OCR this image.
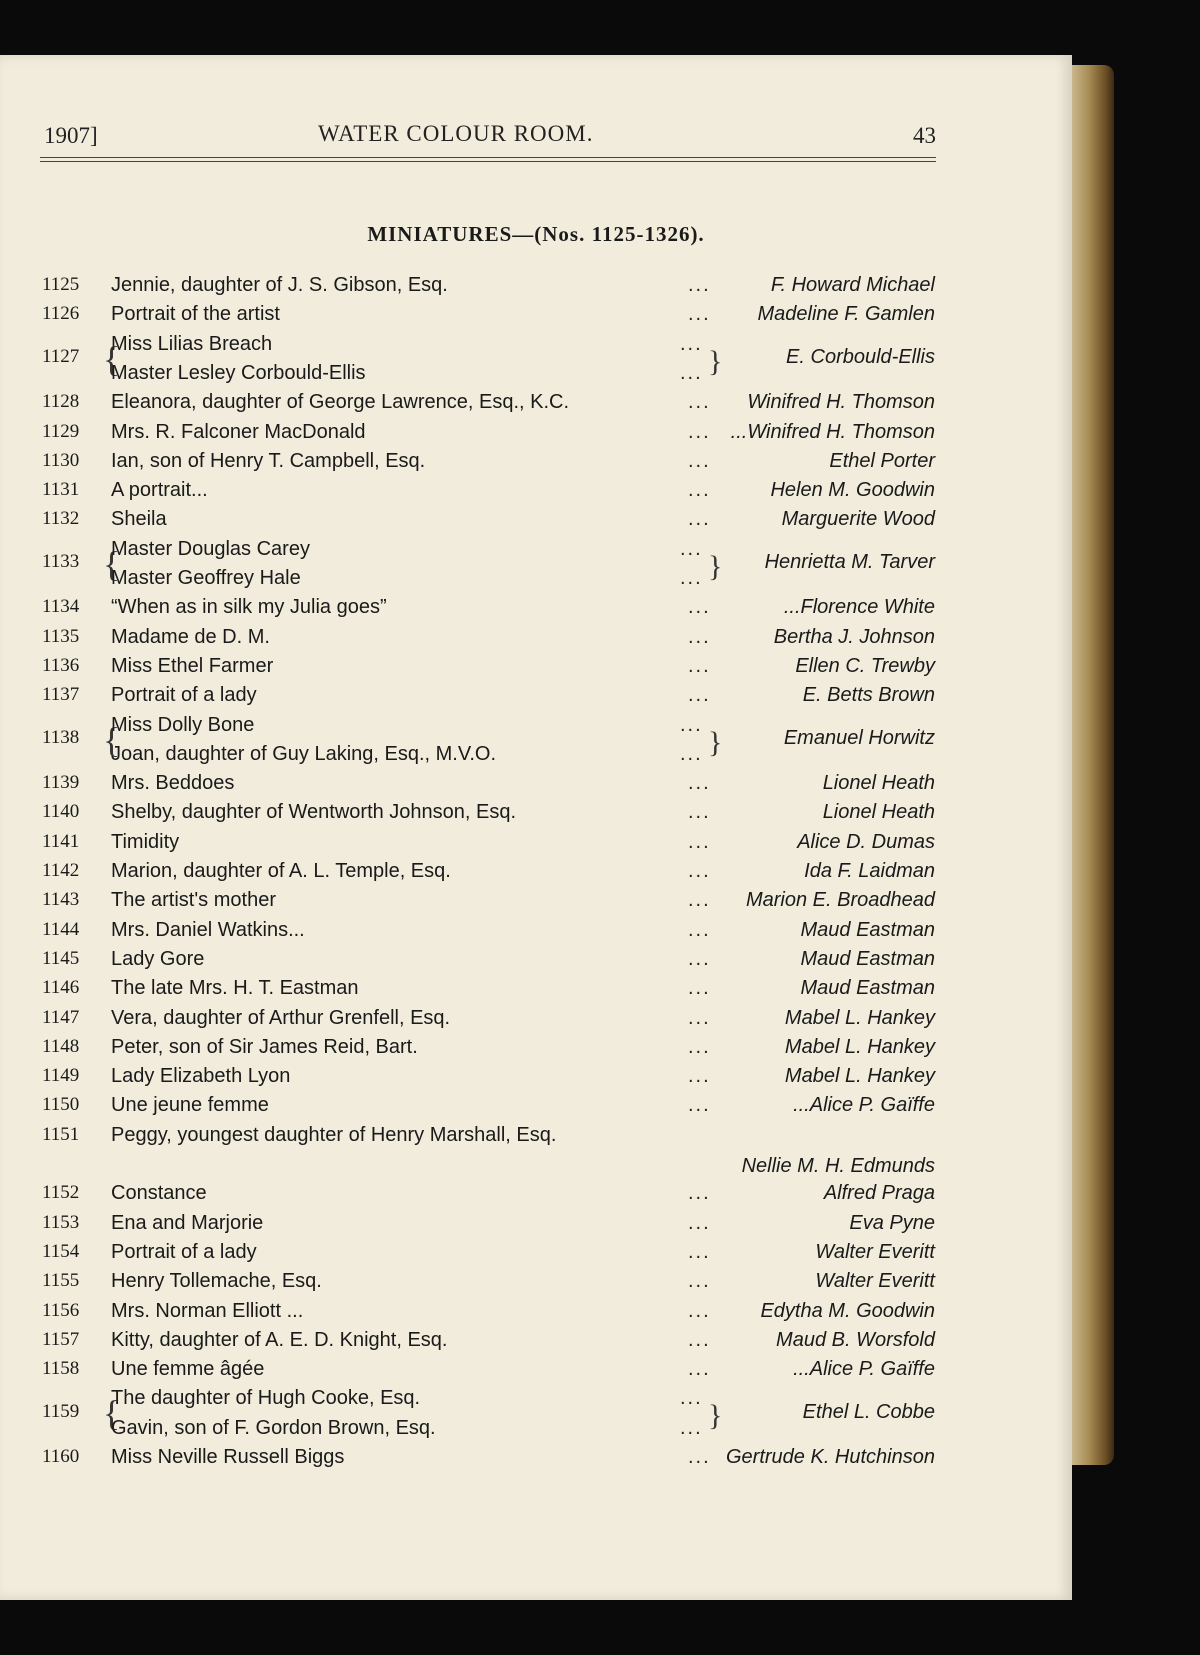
1907]	WATER COLOUR ROOM.	43
MINIATURES—(Nos. 1125-1326).
1125 Jennie, daughter of J. S. Gibson, Esq.	...	F. Howard Michael
1126 Portrait of the artist	... Madeline F. Gamlen
1127 {
Miss Lilias Breach	...
Master Lesley Corbould-Ellis	... }	E. Corbould-Ellis
1128 Eleanora, daughter of George Lawrence, Esq., K.C.	... Winifred H. Thomson
1129 Mrs. R. Falconer MacDonald	... ...Winifred H. Thomson
1130 Ian, son of Henry T. Campbell, Esq.	...	Ethel Porter
1131 A portrait...	...	Helen M. Goodwin
1132 Sheila	...	Marguerite Wood
1133 {
Master Douglas Carey	...
Master Geoffrey Hale	... } Henrietta M. Tarver
1134 “When as in silk my Julia goes”	...	...Florence White
1135 Madame de D. M.	...	Bertha J. Johnson
1136 Miss Ethel Farmer	...	Ellen C. Trewby
1137 Portrait of a lady	...	E. Betts Brown
1138 {
Miss Dolly Bone	...
Joan, daughter of Guy Laking, Esq., M.V.O.	... }	Emanuel Horwitz
1139 Mrs. Beddoes	...	Lionel Heath
1140 Shelby, daughter of Wentworth Johnson, Esq.	...	Lionel Heath
1141 Timidity	...	Alice D. Dumas
1142 Marion, daughter of A. L. Temple, Esq.	...	Ida F. Laidman
1143 The artist's mother	... Marion E. Broadhead
1144 Mrs. Daniel Watkins...	...	Maud Eastman
1145 Lady Gore	...	Maud Eastman
1146 The late Mrs. H. T. Eastman	...	Maud Eastman
1147 Vera, daughter of Arthur Grenfell, Esq.	...	Mabel L. Hankey
1148 Peter, son of Sir James Reid, Bart.	...	Mabel L. Hankey
1149 Lady Elizabeth Lyon	...	Mabel L. Hankey
1150 Une jeune femme	...	...Alice P. Gaïffe
1151 Peggy, youngest daughter of Henry Marshall, Esq.
Nellie M. H. Edmunds
1152 Constance	...	Alfred Praga
1153 Ena and Marjorie	...	Eva Pyne
1154 Portrait of a lady	...	Walter Everitt
1155 Henry Tollemache, Esq.	...	Walter Everitt
1156 Mrs. Norman Elliott ...	... Edytha M. Goodwin
1157 Kitty, daughter of A. E. D. Knight, Esq.	...	Maud B. Worsfold
1158 Une femme âgée	...	...Alice P. Gaïffe
1159 {
The daughter of Hugh Cooke, Esq.	...
Gavin, son of F. Gordon Brown, Esq.	... }	Ethel L. Cobbe
1160 Miss Neville Russell Biggs	... Gertrude K. Hutchinson
